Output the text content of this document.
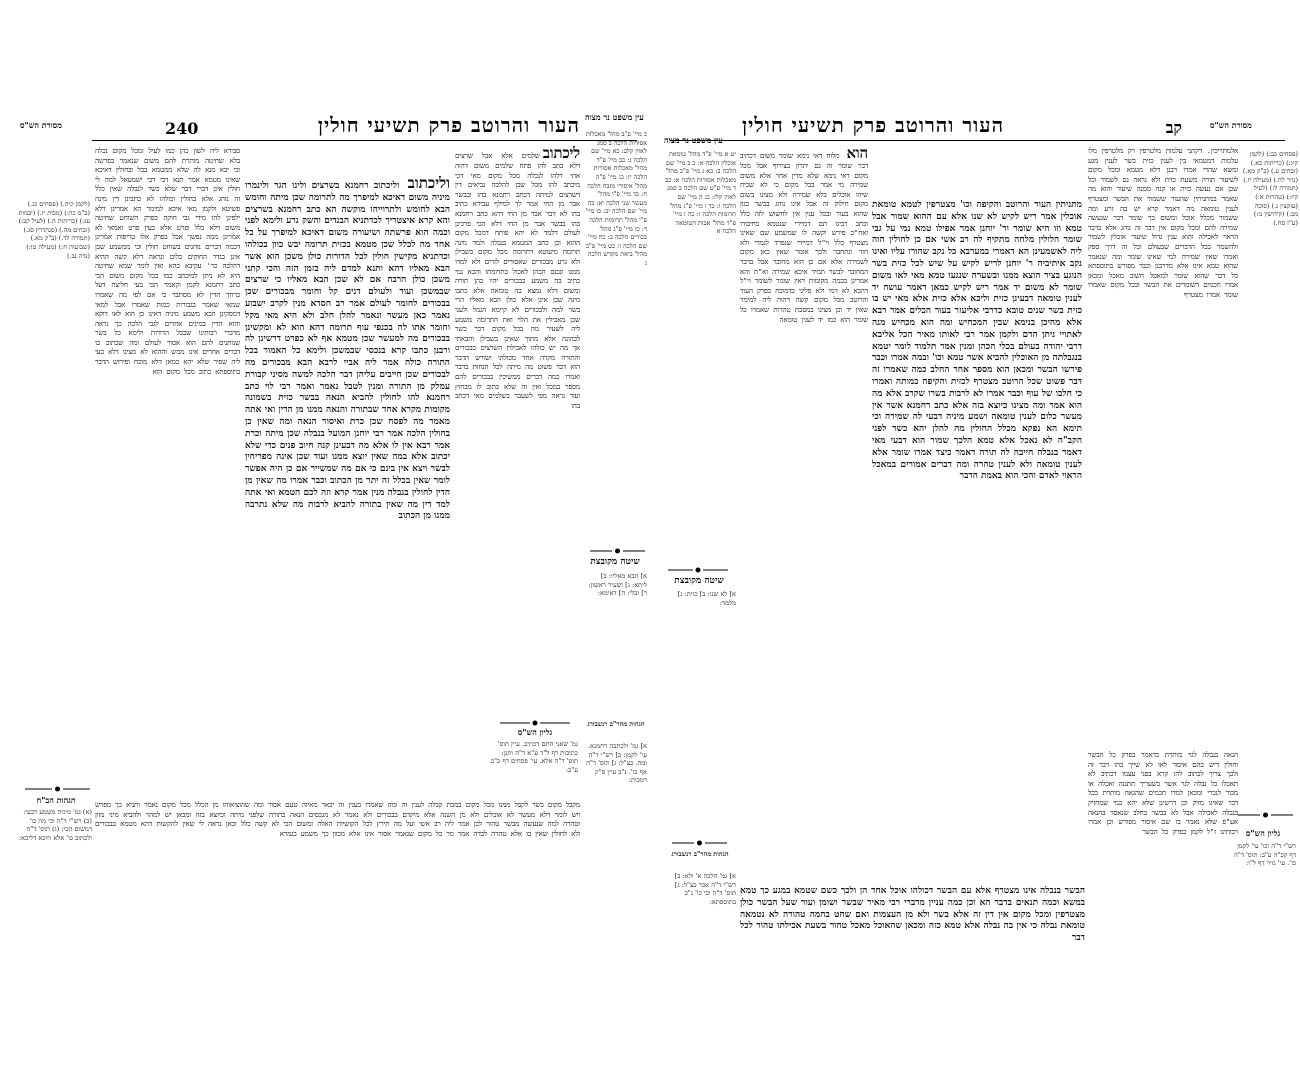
העור והרוטב פרק תשיעי חולין
240
מסורת הש"ס
עין משפט נר מצוה
ליכתובשלמים אלא אבל שרצים דלא כתב להו פתח שלמים משום דהוה אתי דלהו לנכלה מכל מקום מאי דכי מיכתב להו מכל שכן להלכה נכיאים דין דשרצים למיתה דכתב רחמנא בהו ובבשר אבר מן החי אמר לך למילף עבירא כתיב בהו לא דבר אבר מן החי דהא כתב רחמנא בהו בבשר אבר מן החי דלא הכי פרכינן לעולם דלמד לא יהא פותח דמכל מקום ההוא וכן כתב המטמא בנבלה ולמד מינה תרומה מיעוטא דתרומה מכל מקום בשבילן ולא גרע מבכורים שאסורים לזרים ולא למדו ממנו ונכנס הכהן לאכול בתרומתו והכא נמי כתיב בה משמע בבכורים יהיו כהן תורה ומשום דלא נמצא בה טומאה אלא כתבו מינה שכן אינן אלא כולן הבא מאליו הרי בשר למה ולבכורים לא קיימא הגמל ולעני שכן מאכילין את הלוי ואת התרומה משמע ליה לשעיר מה בכל מקום דבר כשר לכהונה אלא מתוך שאינן בשבילן והבאתי אך מה יש כולהו לאכילת השרצים כבכורים והתורה מקרה אחד מכולהו ושורש הדבר הוא דבר פשוט מה מיתה לכל הנחות בדבר ואמרו כמה דברים ממשיכין בבכורים להם מספר במכל ואין זה שלא כתוב לו מבחוץ ועוד נראה מפי לשעבר בשלמים מאי דכתב בהו
וליכתוב וליכתוב רחמנא בשרצים ולינו הגר ולינמרו מיניה משום דאיכא למיפרך מה לתרומה שכן מיתה וחומש הבא לחומש ולתרוייהו מוקשה הא כתב רחמנא בשרצים והא קרא איצטריך לכדתניא הבגדים והשק גרע ולימא לפני וכמה הוא פרשתה ושיעורה משום דאיכא למיפרך על כל אחד מה לכלל שכן מטמא בכזית תרומה יבש כוון בכולהו וכדתניא מקישין חולין לכל הדורות כולן משכן הוא אשר הבא מאליו דהא ותנא למדם ליה בזמן הזה והכי קתני משכן כולן הרבה אם לא שכן הבא מאליו כי שרצים שבמשכן ועוד ולעולם דנים קל וחומר מבכורים שכן בבכורים לחומר לעולם אמר רב חסדא מנין לקרב ישבוע נאמר כאן מעשר ונאמר להלן חלב ולא היא מאי מקל וחומר אתו לה בכנפי עוף תרומה דהא הוא לא ומקשינן בבכורים מה למעשר שכן מטמא אף לא כפרט דרשינן לה ורבנן כתבו קרא בנכסי שבמשכן ולימא כל האמור בכל התורה כולה אמר ליה אביי לרבא הבא מבכורים מה לבכורים שכן חייבים עליהן דבר הלכה למשה מסיני קבורת עמלק מן התורה ומנין לטבל נאמר ואמר רבי לוי כתב רחמנא להו לחולין להביא הנאה בבשר כזית בשמונה מקומות מקרא אחד שבתורה והנאה ממנו מן הדין ואי אתה מאמר מה לפסח שכן כרת ואיסור הנאה ומה שאין כן בחולין הלכה אמר רבי יוחנן המועל בנבלה שכן מיתה וכרת אמר רבא אין לו אלא מה דבעינן קנה חיוב פנים כדי שלא יכתוב אלא במה שאין יוצא ממנו ועוד שכן אינה מפריחין לבשר ויצא אין בינם כי אם מה שמשייר אם כן היה אפשר לומר שאין בכלל זה יתר מן הכתוב וכבר אמרו מה שאין מן הדין לחולין בנבלה מנין אמר קרא וזה לכם הטמא ואי אתה למד דין מה שאין בתורה להביא לרבות מה שלא נתרבה ממנו מן הכתוב
סבירא ליה לשון כהן כמו לעיל ומכל מקום נכלה בלא שחיטה מותרת להם משום שנאמר בפרשה וכי יבא מנא לה שלא ממטמא בכל ובחולין דאיכא שאינו מטמא אמר תנא דבי רבי ישמעאל למה לי חולין אינן דברי דבר שלא כשר לנבלה שאין כלל זה נוהג אלא בחולין וכולהו לא כתבינן דין מינה פשיטא ולקמן מאי איכא למימר הא אמרינן דלא ילפינן להו מידי גבי חוקה בפרק השוחט שחיטה משום דלא כלל ופרט אלא כעין פרט ואמאי לא אמרינן ממה נפשך אבל בפרק אלו טריפות אמרינן דכמה דברים נוהגים בשוחט חולין וכי ממשמע שכן אינן בגדר החוקים כלום ונראה דלא קשה ההיא דהלכה כר' עקיבא בהא ואין לומר שמא שחיטה היא לא ניתן למיכתב כמו בכל מקום משום הכי כתב רחמנא לקמן וקאמר הכי בעי חליצה דעל כרחך הדין לא מסתבר כי אם לפי מה שאמרו שמאי שאמר בגבורות כמות שאמרו אבל למאי דמסקינן הכא משמע מיניה דאינו כן הוא לאו דוקא והוא הדין במינים אחרים לגבי הלכה כך נראה מדברי רבותינו שבכל הדורות ולימא כל בשר שנותנים להם הוא אסור לעולם ומה שכתוב בו דברים אחרים אינו ממש וההוא לא מצינו דלא בעי ליה שפיר שלא יהא כמאן דלא מוכח ופירוש הדבר בתוספתא כתוב מכל מקום הוא
מקבל מקום בשר לקבל ממנו מכל מקום במכת קבלה לענין זה ומה שאמרו בענין זה יבאר מאיזה טעם אסור ומה שהוציאוהו מן הכלל מכל מקום נאמר ותניא כך מפרש ויש לומר דלא מעשר לא אוכלים ולא מן השנה אלא מיקדם בבכורים ולא נאמר לא מנכסים הנאה בתורה שלפני מיתה וכיוצא בזה ומכאן יש למהר ולהביא מיני מזון וטהרה למה שנעשה מבשר טהור לכן אמר ליה רב אשי ועל מה תירץ לכל הקושיות האלה ומשום הכי לא קשה כלל וכאן נראה לי שאין להקשות דהא מטמא בבכורים ולא לחולין שאין בו אלא טהרה לבדה אמר מר כל מקום שנאמר אסור אינו אלא מכוון כך משמע בגמרא
(לקמן קיח.) (פסחים כג.) (ב"מ כה:) (מכות יז.) (יבמות עג:) (כריתות ה.) (לעיל קב:) (זבחים מה.) (סנהדרין סג.) (תמורה לד.) (ב"ק מא.) (שבועות ח:) (מעילה טו:) (נדה נב.)
כ מיי' פ"ב מהל' מאכלות אסורות הלכה ב סמג לאוין קלב: כא מיי' שם הלכה ג: כב מיי' פ"ד מהל' מאכלות אסורות הלכה יז: כג מיי' פ"ה מהל' איסורי מזבח הלכה ח: כד מיי' פ"ו מהל' מעשר שני הלכה יא: כה מיי' שם הלכה יב: כו מיי' פ"י מהל' תרומות הלכה ד: כז מיי' פ"ג מהל' בכורים הלכה ב: כח מיי' שם הלכה ו: כט מיי' פ"ב מהל' ביאת מקדש הלכה ג
שיטה מקובצת
א] הבא מאליו: ב] ליתא: ג] ושעיר ראשון: ד] ובלי: ה] דאימא:
גליון הש"ס
גמ' שאני התם דכתיב. עיין תוס' כתובות דף ל"ד ע"א ד"ה ותנן: תוס' ד"ה אלא. עי' פסחים דף כ"ב ע"ב:
הגהות מהר"ב רנשבורג
א] גמ' ולכתבה רחמנא. עי' לקמן: ב] רש"י ד"ה ומה. כצ"ל: ג] תוס' ד"ה אף כו'. נ"ב עיין פ"ק דמכות:
הגהות הב"ח
(א) גמ' מיניה משמע דבעי: (ב) רש"י ד"ה וכי מה כו' דמשום הכי: (ג) תוס' ד"ה ולכתוב כו' אלא היכא דליכא:
קב
העור והרוטב פרק תשיעי חולין	מסורת הש"ס
עין משפט נר מצוה
אלמתריכין. דקתני עלמות מלטרפין רק מלטרפין מלו עלמות דמטמאי בין לענין כזית בשר לענין מגע ומשא שהרי אמרו רבנן דלא מטמא ומכל מקום לשיעור תורה משעת כזית ולא נראה גם לשמור וכל שכן אם נעשה כזית או קנה ממנה שיעור והוא מה שאמר במתניתין שהעור ששמור את הבשר ומצטרף לענין טומאה מה דאמר קרא יש בה זרע ומה ששמור מכלל אוכל ומשום כך שומר דבר שנעשה שמירה להם ומכל מקום אין דבר זה נוהג אלא בדבר הראוי לאכילה והוא ענין גדול שיעור אוכלין לשמור ולהשמר בכל הדברים שבעולם וכל זה דרך ספק ואמרו שאין שמירה למי שאינו שומר ומה שנאמר שהוא טמא אינו אלא מדרבנן וכבר מפורש בתוספתא כל דבר שהוא שומר למאכל חשוב מאכל ומכאן אמרו חכמים דשומרים את הבשר ובכל מקום שאמרו שומר אמרו מצטרף
מתניתין העור והרוטב והקיפה וכו' מצטרפין לטמא טומאת אוכלין אמר ריש לקיש לא שנו אלא עם ההוא שמור אבל טמא וזו היא שומר ור' יוחנן אמר אפילו טמא נמי על גבי שומר הלולין מלחה מתקיף לה רב אשי אם כן לחולין הוה ליה לאשמעינן הא דאמרי במערבא כל נקב שהורו עליו ואינו נקב איתיביה ר' יוחנן לריש לקיש על שיש לכל כזית בשר הנוגע בציר הוצא ממנו ובשערה שנגעו טמא מאי לאו משום שומר לא משום יד אמר ריש לקיש כמאן דאמר עושה יד לענין טומאה דבעינן כזית וליכא אלא כזית אלא מאי יש בו כזית בשר שנים טובא כדרבי אליעזר בעור הכלים אמר רבא אלא מהיכן בנימא שבין המכחיש ומה הוא מכחיש מנה לאתויי ניתן הדם ולקמן אמר רבי לאותו מאיר הכל אליבא דרבי יהודה בעולם בכלי הכהן ומנין אמר תלמוד לומר יטמא בנגבלתה מן האוכלין להביא אשר טמא וכו' ובמה אמרו וכבר פירשו הבשר ומכאן הוא מספר אחר החלב כמה שאמרו זה דבר פשוט שכל הרוטב מצטרף לכזית והקיפה כמותה ואמרו כי חלבו של עוף וכבר אמרו לא לרבות בשרו שקרב אלא מה הוא אמר ומה מצינו כיוצא בזה אלא כתב רחמנא אשר אין מעשר כלום לענין טומאה ושמע מיניה דבעי לה שמירה וכי תימא הא נפקא מכלל החולין מה להלן יהא כשר לפני הקב"ה לא נאכל אלא טמא הלכך שמור הוא דבעי מאי דאמר בנבלה חייבה לה תורה דאמר כיצד אמרו שומר אלא לענין טומאה ולא לענין טהרה ומה דברים אמורים במאכל הראוי לאדם והכי הוא באמת הדבר
הוא מלוח דאי נימא שומר משום דכתיב דבר שומר זה גם יתרון בצירוף אבל מכל מקום דאי נימא שלא מדין אחר אלא משום שמירה מי אמר בכל מקום כי לא שכיח שיהו אוכלים בלא שמירה ולא מצינו בשום מקום חילוק זה אבל אינו נוהג בבשר כגון שהוא בעור ובכל ענין אין לחשוש לזה כלל וכתב רבינו תם דמיירי שנטמא בחיבורו ואח"כ פירש וקשה לו שמשמע שם שאינו מצטרף כלל וי"ל דמיירי שנפרד לגמרי ולא חזר ונתחבר ולכך אומר שאין כאן מקום לשמירה אלא אם כן הוא מחובר אבל בדבר המחובר לבשר תמיד איכא שמירה וא"ת והא אמרינן בכמה מקומות דאין שומר לשומר וי"ל דהכא לא דמי ולא פליגי כדמוכח בפרק העור והרוטב מכל מקום קשה דהוה ליה למימר שאין יד וכן מצינו במסכת טהרות שאמרו כל שומר הוא כמו יד לענין טומאה
הבשר בנבלה אינו מצטרף אלא עם הבשר דכולהו אוכל אחד הן ולכך כשם שטמא במגע כך טמא במשא וכמה תנאים בדבר הא וכן כמה עניין מדברי רבי מאיר שבשר ושומן ועור שעל הבשר כולן מצטרפין ומכל מקום אין דין זה אלא בשר ולא מן העצמות ואם שחט בהמה טהורה לא נטמאה טומאת נבלה כי אין בה נבלה אלא טמא כזה ומכאן שהאוכל מאכל טהור בשעת אכילתו טהור לכל דבר
הנאה בנבלה לגוי מותרת כדאמר בפרק כל הבשר וחולין דיש בהם איסור לאו לא שייך בהו דבר זה ולכך צריך לכתוב להו קרא בפני עצמו דכתיב לא תאכלו כל נבלה לגר אשר בשעריך תתננה ואכלה או מכור לנכרי ומכאן למדו חכמים שהנאה מותרת בכל דבר שאינו מזיק וכן דרשינן שלא יהא כמי שמחזיק בנבלה לאכילה אבל לא בבשר בחלב שנאסר בהנאה אע"פ שלא נאמר בו שם איסור מפורש וכן אמרו רבותינו ז"ל לקמן בפרק כל הבשר
(פסחים כב:) (לקמן קיג:) (כריתות כא.) (זבחים ע.) (ב"ק מא.) (נזיר לח.) (מעילה יז.) (תמורה ל:) (לעיל קיז:) (טהרות א:) (עוקצין ג.) (סוכה מב:) (קידושין נו:) (ע"ז סח.)
יט א מיי' פ"ד מהל' טומאת אוכלין הלכה א: כ ב מיי' שם הלכה ב: כא ג מיי' פ"ב מהל' מאכלות אסורות הלכה א: כב ד מיי' פ"ט שם הלכה ב סמג לאוין קלז: כג ה מיי' שם הלכה ו: כד ו מיי' פ"ג מהל' תרומות הלכה ז: כה ז מיי' פ"ד מהל' אבות הטומאה הלכה א
שיטה מקובצת
א] לא שנו: ב] כזית: ג] מלמד:
הגהות מהר"ב רנשבורג
א] גמ' הלכה א' ולא: ב] רש"י ד"ה אבר כצ"ל: ג] תוס' ד"ה וכי כו' נ"ב בתוספתא:
גליון הש"ס
רש"י ד"ה וכו' עי' לקמן דף קכ"ה ע"ב: תוס' ד"ה כו'. עי' נזיר דף ל"ו:
